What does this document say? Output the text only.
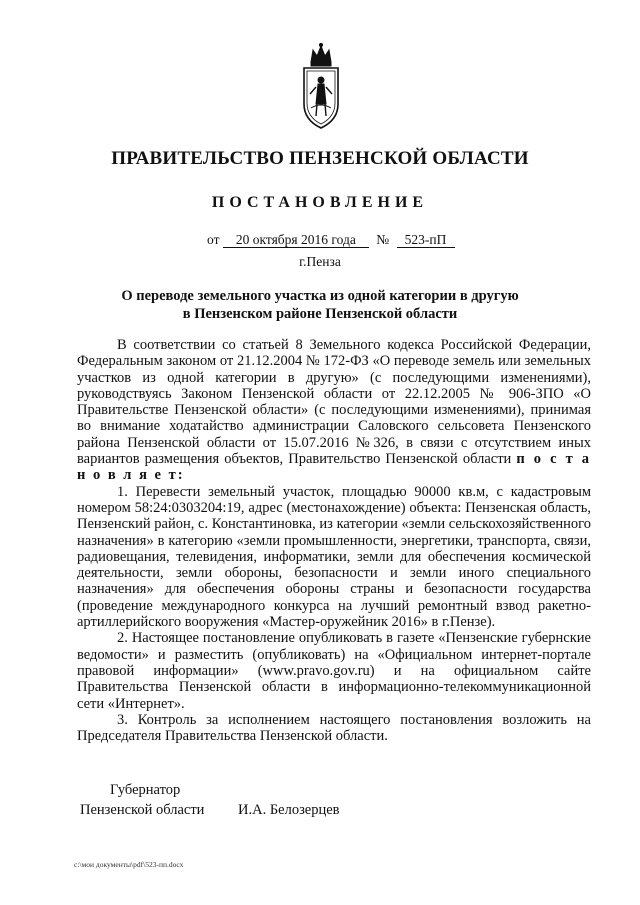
ПРАВИТЕЛЬСТВО ПЕНЗЕНСКОЙ ОБЛАСТИ
ПОСТАНОВЛЕНИЕ
от 20 октября 2016 года № 523-пП
г.Пенза
О переводе земельного участка из одной категории в другую
в Пензенском районе Пензенской области

В соответствии со статьей 8 Земельного кодекса Российской Федерации, Федеральным законом от 21.12.2004 № 172-ФЗ «О переводе земель или земельных участков из одной категории в другую» (с последующими изменениями), руководствуясь Законом Пензенской области от 22.12.2005 № 906-ЗПО «О Правительстве Пензенской области» (с последующими изменениями), принимая во внимание ходатайство администрации Саловского сельсовета Пензенского района Пензенской области от 15.07.2016 №326, в связи с отсутствием иных вариантов размещения объектов, Правительство Пензенской области п о с т а н о в л я е т:

1. Перевести земельный участок, площадью 90000 кв.м, с кадастровым номером 58:24:0303204:19, адрес (местонахождение) объекта: Пензенская область, Пензенский район, с. Константиновка, из категории «земли сельскохозяйственного назначения» в категорию «земли промышленности, энергетики, транспорта, связи, радиовещания, телевидения, информатики, земли для обеспечения космической деятельности, земли обороны, безопасности и земли иного специального назначения» для обеспечения обороны страны и безопасности государства (проведение международного конкурса на лучший ремонтный взвод ракетно-артиллерийского вооружения «Мастер-оружейник 2016» в г.Пензе).

2. Настоящее постановление опубликовать в газете «Пензенские губернские ведомости» и разместить (опубликовать) на «Официальном интернет-портале правовой информации» (www.pravo.gov.ru) и на официальном сайте Правительства Пензенской области в информационно-телекоммуникационной сети «Интернет».

3. Контроль за исполнением настоящего постановления возложить на Председателя Правительства Пензенской области.

Губернатор
Пензенской области И.А. Белозерцев
c:\мои документы\pdf\523-пп.docx
